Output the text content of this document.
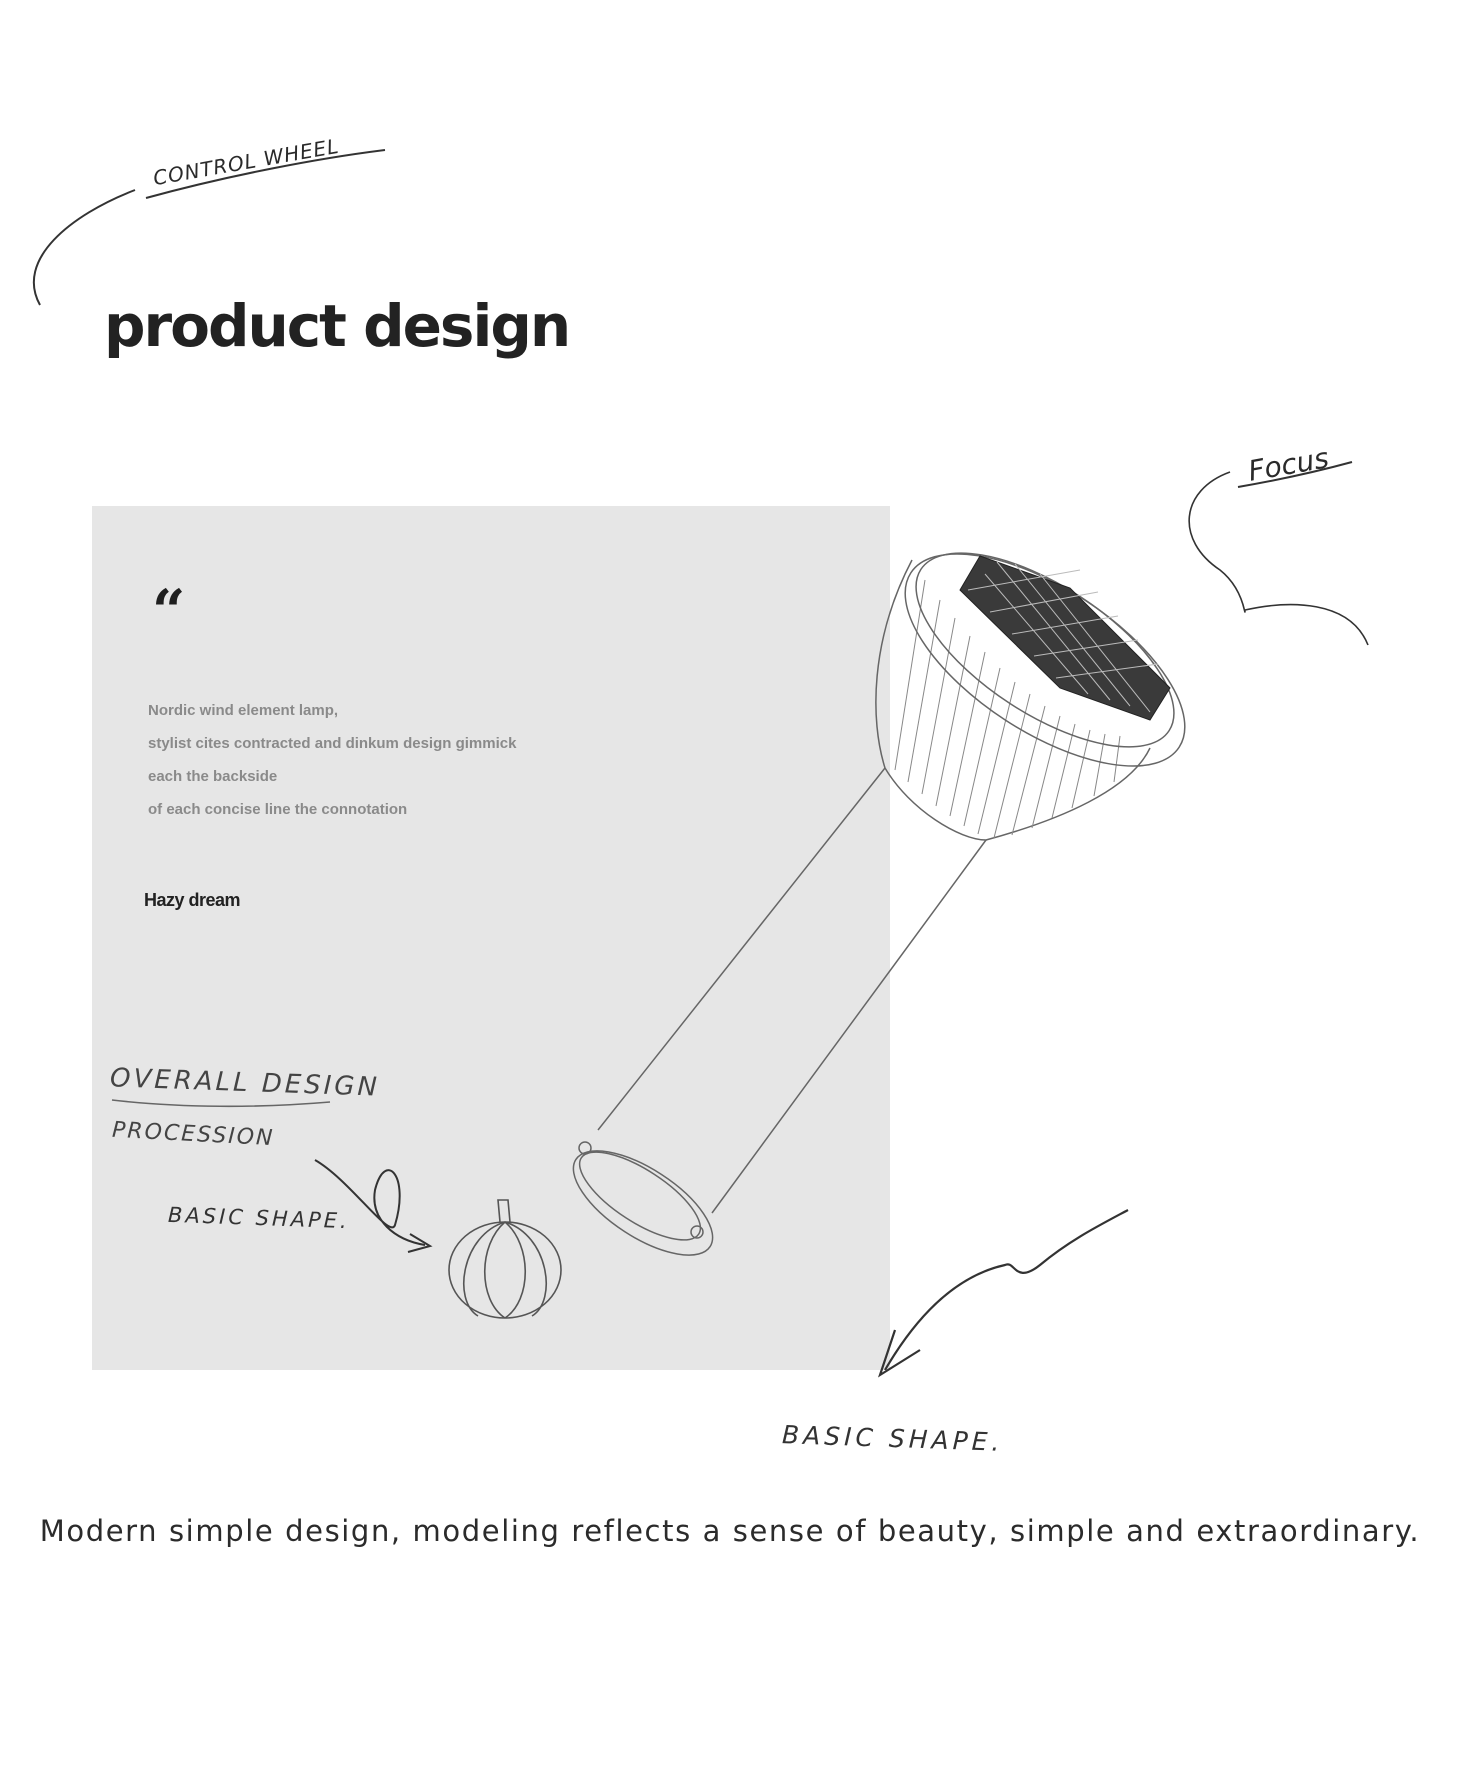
CONTROL WHEEL
Focus
OVERALL DESIGN
PROCESSION
BASIC SHAPE.
BASIC SHAPE.
product design
“
Nordic wind element lamp,
stylist cites contracted and dinkum design gimmick
each the backside
of each concise line the connotation
Hazy dream
Modern simple design, modeling reflects a sense of beauty, simple and extraordinary.
